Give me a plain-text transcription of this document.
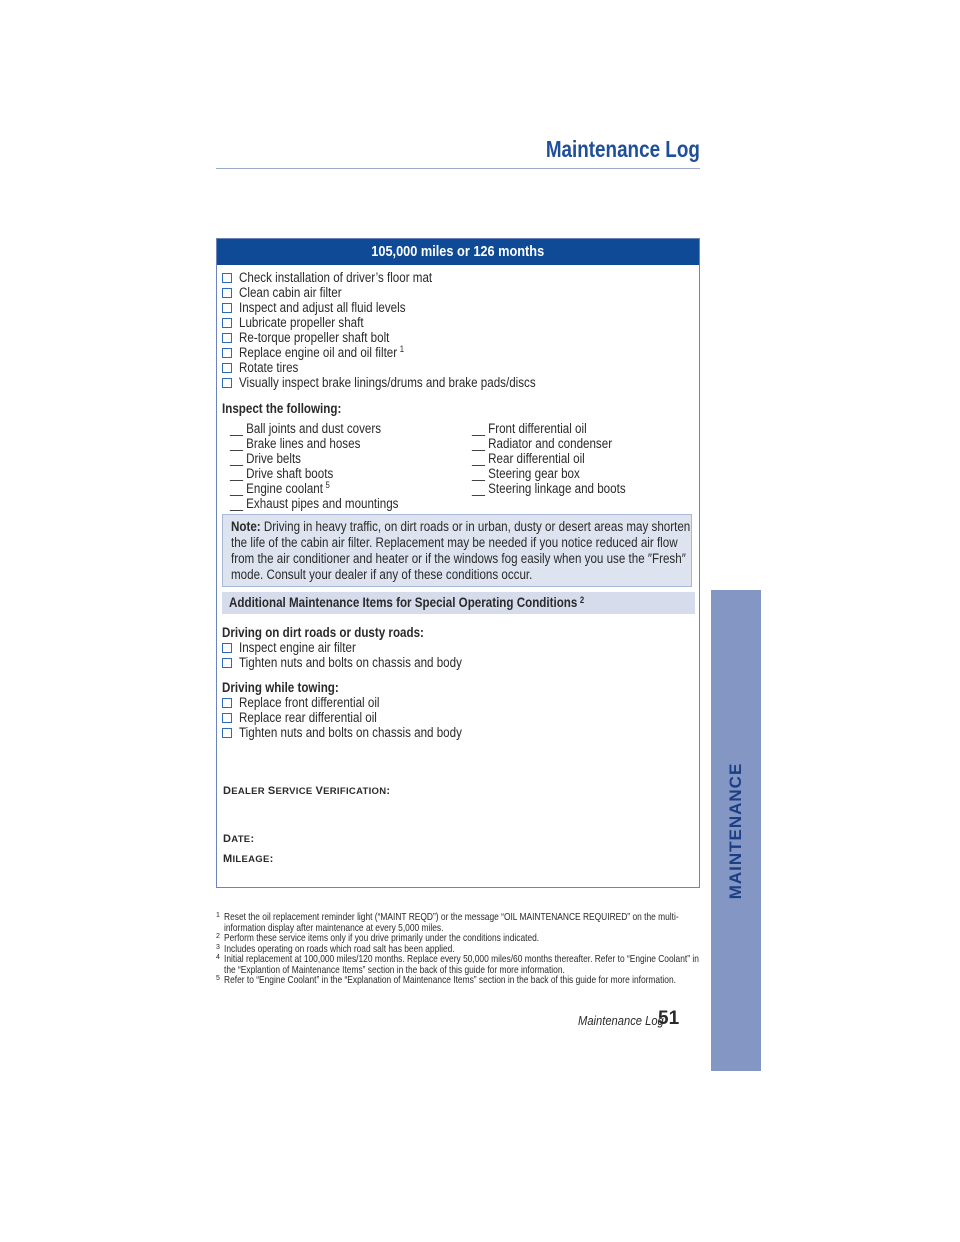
Maintenance Log
105,000 miles or 126 months
Check installation of driver’s floor mat
Clean cabin air filter
Inspect and adjust all fluid levels
Lubricate propeller shaft
Re-torque propeller shaft bolt
Replace engine oil and oil filter $^1$
Rotate tires
Visually inspect brake linings/drums and brake pads/discs
Inspect the following:
__ Ball joints and dust covers
__ Brake lines and hoses
__ Drive belts
__ Drive shaft boots
__ Engine coolant $^5$
__ Exhaust pipes and mountings
__ Front differential oil
__ Radiator and condenser
__ Rear differential oil
__ Steering gear box
__ Steering linkage and boots
Note: Driving in heavy traffic, on dirt roads or in urban, dusty or desert areas may shorten the life of the cabin air filter. Replacement may be needed if you notice reduced air flow from the air conditioner and heater or if the windows fog easily when you use the ″Fresh″ mode. Consult your dealer if any of these conditions occur.
Additional Maintenance Items for Special Operating Conditions $^2$
Driving on dirt roads or dusty roads:
Inspect engine air filter
Tighten nuts and bolts on chassis and body
Driving while towing:
Replace front differential oil
Replace rear differential oil
Tighten nuts and bolts on chassis and body
DEALER SERVICE VERIFICATION:
DATE:
MILEAGE:
1 Reset the oil replacement reminder light (“MAINT REQD”) or the message “OIL MAINTENANCE REQUIRED” on the multi-information display after maintenance at every 5,000 miles.
2 Perform these service items only if you drive primarily under the conditions indicated.
3 Includes operating on roads which road salt has been applied.
4 Initial replacement at 100,000 miles/120 months. Replace every 50,000 miles/60 months thereafter. Refer to “Engine Coolant” in the “Explantion of Maintenance Items” section in the back of this guide for more information.
5 Refer to “Engine Coolant” in the “Explanation of Maintenance Items” section in the back of this guide for more information.
Maintenance Log
51
MAINTENANCE
